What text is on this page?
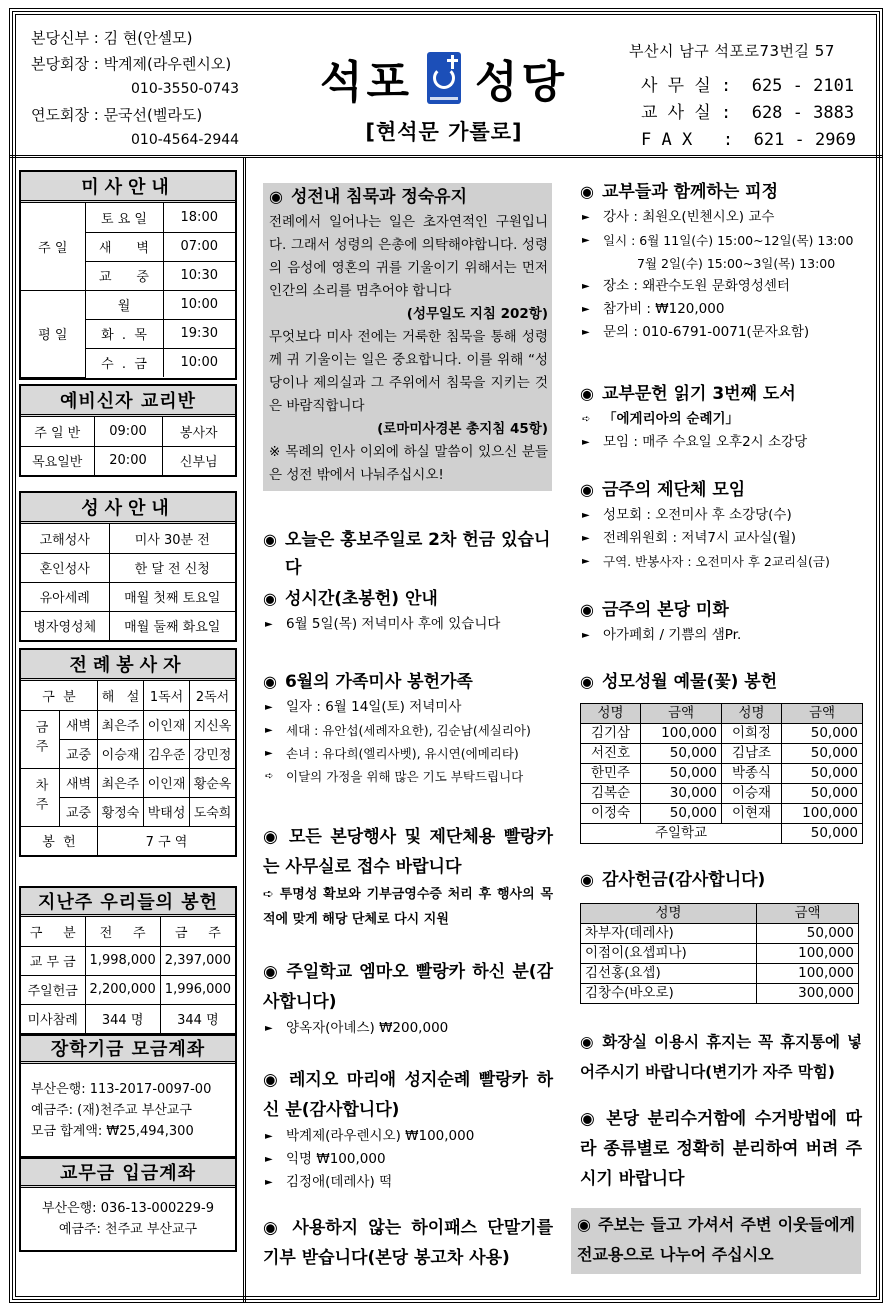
본당신부 : 김 현(안셀모)
본당회장 : 박계제(라우렌시오)
010-3550-0743
연도회장 : 문국선(벨라도)
010-4564-2944
석포 성당
[현석문 가롤로]
부산시 남구 석포로73번길 57
사 무 실 :  625 - 2101
교 사 실 :  628 - 3883
F A X   :  621 - 2969
미사안내
주 일	토 요 일	18:00
	새      벽	07:00
	교      중	10:30
평 일	월	10:00
	화  .  목	19:30
	수  .  금	10:00
예비신자 교리반
주 일 반	09:00	봉사자
목요일반	20:00	신부님
성사안내
고해성사	미사 30분 전
혼인성사	한 달 전 신청
유아세례	매월 첫째 토요일
병자영성체	매월 둘째 화요일
전례봉사자
구  분		해   설	1독서	2독서
금주	새벽	최은주	이인재	지신옥
	교중	이승재	김우준	강민정
차주	새벽	최은주	이인재	황순옥
	교중	황정숙	박태성	도숙희
봉  헌		7 구 역		
지난주 우리들의 봉헌
구     분	전     주	금     주
교 무 금	1,998,000	2,397,000
주일헌금	2,200,000	1,996,000
미사참례	344 명	344 명
장학기금 모금계좌
부산은행: 113-2017-0097-00
예금주: (재)천주교 부산교구
모금 합계액: ₩25,494,300
교무금 입금계좌
부산은행: 036-13-000229-9
예금주: 천주교 부산교구
◉ 성전내 침묵과 정숙유지
전례에서 일어나는 일은 초자연적인 구원입니다. 그래서 성령의 은총에 의탁해야합니다. 성령의 음성에 영혼의 귀를 기울이기 위해서는 먼저 인간의 소리를 멈추어야 합니다
(성무일도 지침 202항)
무엇보다 미사 전에는 거룩한 침묵을 통해 성령께 귀 기울이는 일은 중요합니다. 이를 위해 “성당이나 제의실과 그 주위에서 침묵을 지키는 것은 바람직합니다
(로마미사경본 총지침 45항)
※ 목례의 인사 이외에 하실 말씀이 있으신 분들은 성전 밖에서 나눠주십시오!
◉ 오늘은 홍보주일로 2차 헌금 있습니다
◉ 성시간(초봉헌) 안내
► 6월 5일(목) 저녁미사 후에 있습니다
◉ 6월의 가족미사 봉헌가족
► 일자 : 6월 14일(토) 저녁미사
►	세대 : 유안섭(세례자요한), 김순남(세실리아)
►	손녀 : 유다희(엘리사벳), 유시연(에메리타)
➪ 이달의 가정을 위해 많은 기도 부탁드립니다
◉ 모든 본당행사 및 제단체용 빨랑카는 사무실로 접수 바랍니다
➪ 투명성 확보와 기부금영수증 처리 후 행사의 목적에 맞게 해당 단체로 다시 지원
◉ 주일학교 엠마오 빨랑카 하신 분(감사합니다)
► 양옥자(아녜스) ₩200,000
◉ 레지오 마리애 성지순례 빨랑카 하신 분(감사합니다)
► 박계제(라우렌시오) ₩100,000
► 익명 ₩100,000
► 김정애(데레사) 떡
◉ 사용하지 않는 하이패스 단말기를 기부 받습니다(본당 봉고차 사용)
◉ 교부들과 함께하는 피정
► 강사 : 최원오(빈첸시오) 교수
►	일시 : 6월 11일(수) 15:00~12일(목) 13:00
7월 2일(수) 15:00~3일(목) 13:00
► 장소 : 왜관수도원 문화영성센터
► 참가비 : ₩120,000
► 문의 : 010-6791-0071(문자요함)
◉ 교부문헌 읽기 3번째 도서
➪ 「에게리아의 순례기」
► 모임 : 매주 수요일 오후2시 소강당
◉ 금주의 제단체 모임
► 성모회 : 오전미사 후 소강당(수)
► 전례위원회 : 저녁7시 교사실(월)
►	구역. 반봉사자 : 오전미사 후 2교리실(금)
◉ 금주의 본당 미화
► 아가페회 / 기쁨의 샘Pr.
◉ 성모성월 예물(꽃) 봉헌
성명	금액	성명	금액
김기삼	100,000	이희정	50,000
서진호	50,000	김남조	50,000
한민주	50,000	박종식	50,000
김복순	30,000	이승재	50,000
이정숙	50,000	이현재	100,000
주일학교			50,000
◉ 감사헌금(감사합니다)
성명	금액
차부자(데레사)	50,000
이점이(요셉피나)	100,000
김선홍(요셉)	100,000
김창수(바오로)	300,000
◉ 화장실 이용시 휴지는 꼭 휴지통에 넣어주시기 바랍니다(변기가 자주 막힘)
◉ 본당 분리수거함에 수거방법에 따라 종류별로 정확히 분리하여 버려 주시기 바랍니다
◉ 주보는 들고 가셔서 주변 이웃들에게 전교용으로 나누어 주십시오
